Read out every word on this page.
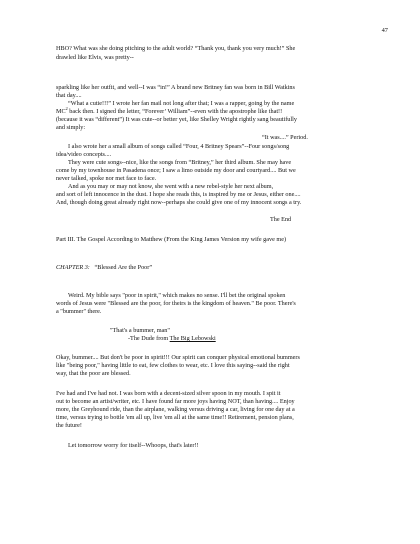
47
HBO? What was she doing pitching to the adult world? “Thank you, thank you very much!” She
drawled like Elvis, was pretty--
sparkling like her outfit, and well--I was “in!” A brand new Britney fan was born in Bill Watkins
that day....
“What a cutie!!!” I wrote her fan mail not long after that; I was a rapper, going by the name
$MC^2$ back then. I signed the letter, “Forever’ William”--even with the apostrophe like that!!
(because it was “different”) It was cute--or better yet, like Shelley Wright rightly sang beautifully
and simply:
“It was....” Period.
I also wrote her a small album of songs called “Four, 4 Britney Spears”--Four songs/song
idea/video concepts....
They were cute songs--nice, like the songs from “Britney,” her third album. She may have
come by my townhouse in Pasadena once; I saw a limo outside my door and courtyard.... But we
never talked, spoke nor met face to face.
And as you may or may not know, she went with a new rebel-style her next album,
and sort of left innocence in the dust. I hope she reads this, is inspired by me or Jesus, either one....
And, though doing great already right now--perhaps she could give one of my innocent songs a try.
The End
Part III. The Gospel According to Matthew (From the King James Version my wife gave me)
CHAPTER 3: “Blessed Are the Poor”
Weird. My bible says "poor in spirit," which makes no sense. I'll bet the original spoken
words of Jesus were "Blessed are the poor, for theirs is the kingdom of heaven." Be poor. There's
a "bummer" there.
"That's a bummer, man"
-The Dude from The Big Lebowski
Okay, bummer.... But don't be poor in spirit!!! Our spirit can conquer physical emotional bummers
like "being poor," having little to eat, few clothes to wear, etc. I love this saying--said the right
way, that the poor are blessed.
I've had and I've had not. I was born with a decent-sized silver spoon in my mouth. I spit it
out to become an artist/writer, etc. I have found far more joys having NOT, than having.... Enjoy
more, the Greyhound ride, than the airplane, walking versus driving a car, living for one day at a
time, versus trying to bottle 'em all up, live 'em all at the same time!! Retirement, pension plans,
the future!
Let tomorrow worry for itself--Whoops, that's later!!
